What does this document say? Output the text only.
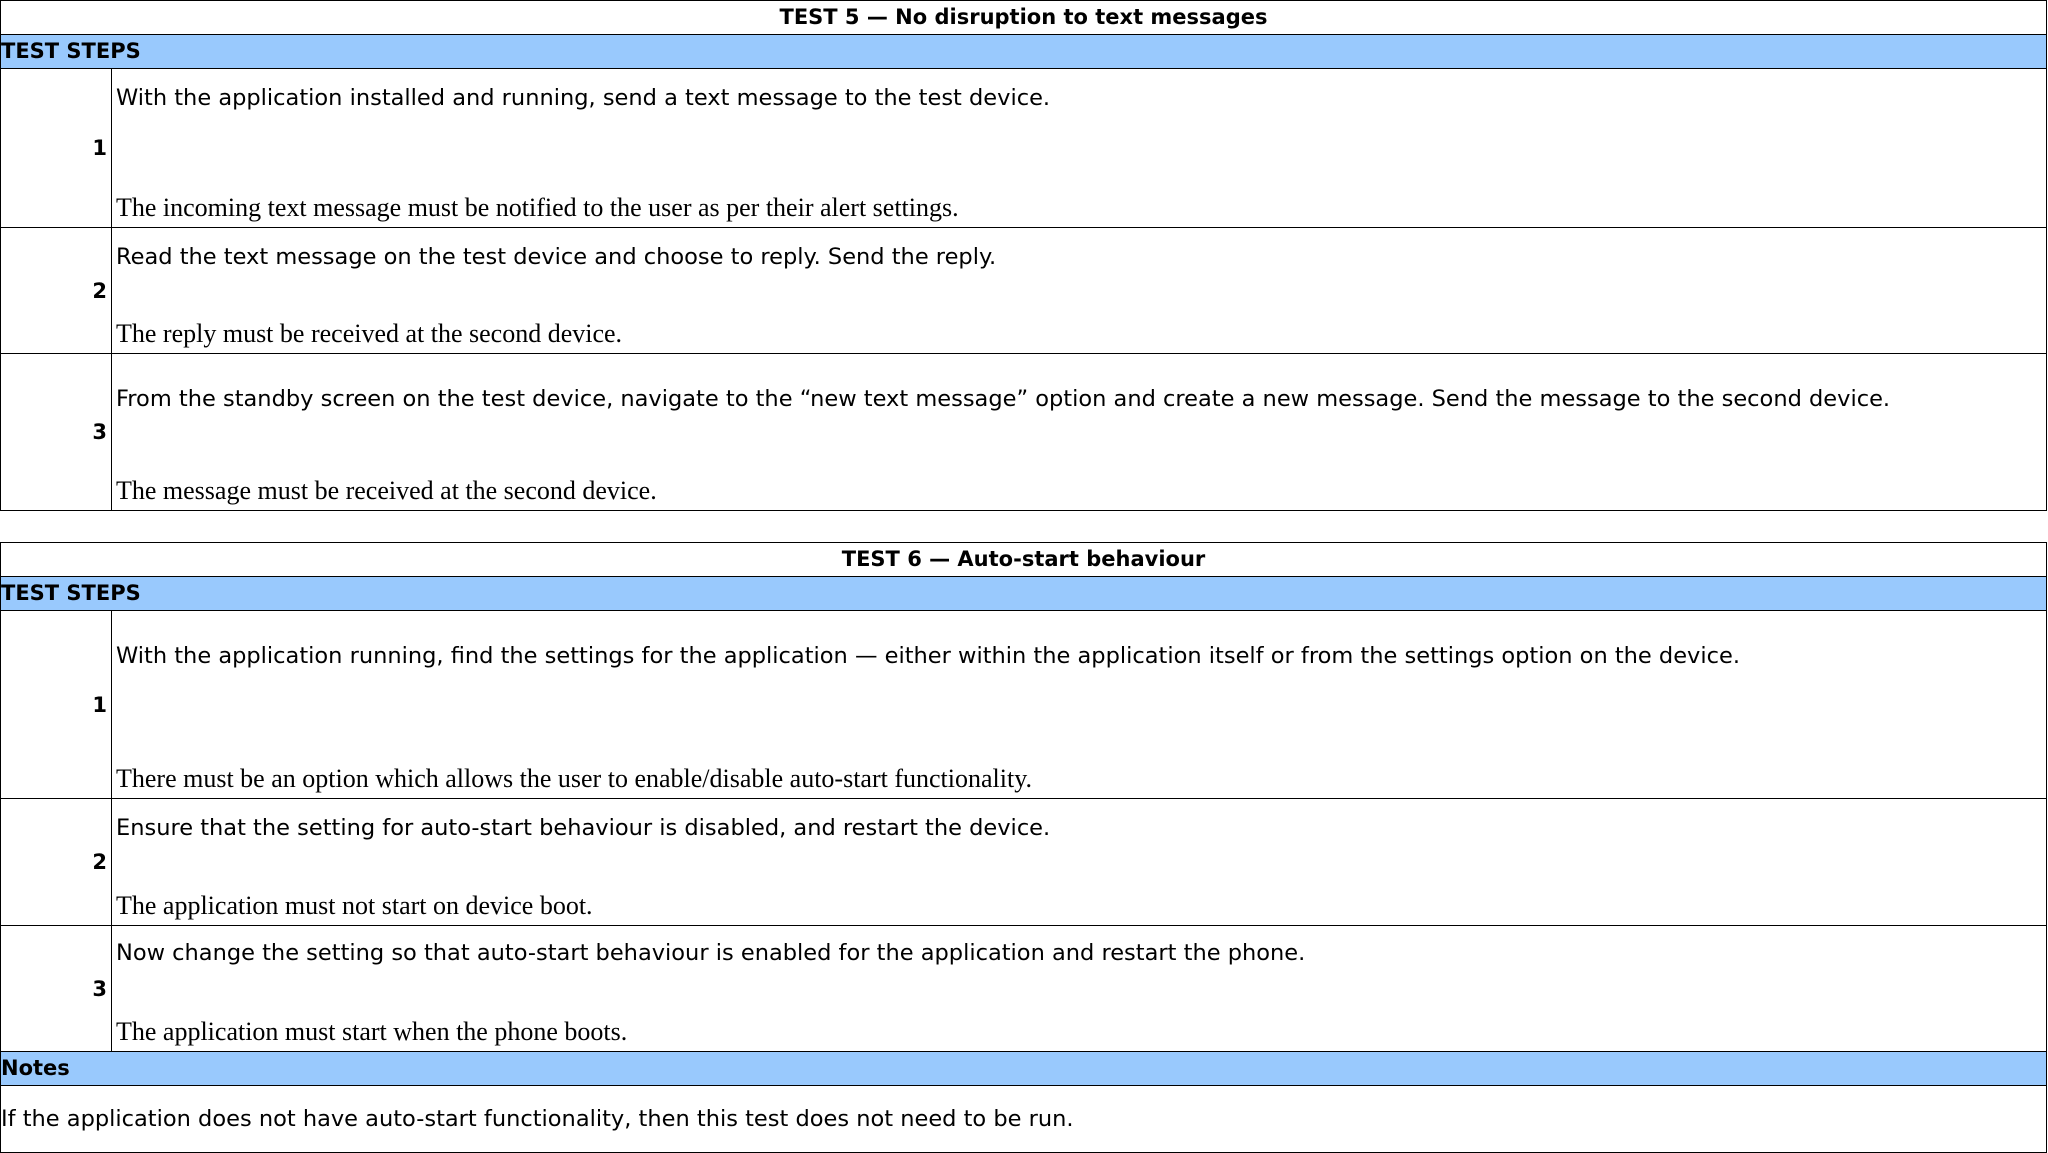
TEST 5 — No disruption to text messages	
TEST STEPS	
1	With the application installed and running, send a text message to the test device.
The incoming text message must be notified to the user as per their alert settings.

2	Read the text message on the test device and choose to reply. Send the reply.
The reply must be received at the second device.

3	From the standby screen on the test device, navigate to the “new text message” option and create a new message. Send the message to the second device.
The message must be received at the second device.
TEST 6 — Auto-start behaviour	
TEST STEPS	
1	With the application running, find the settings for the application — either within the application itself or from the settings option on the device.
There must be an option which allows the user to enable/disable auto-start functionality.

2	Ensure that the setting for auto-start behaviour is disabled, and restart the device.
The application must not start on device boot.

3	Now change the setting so that auto-start behaviour is enabled for the application and restart the phone.
The application must start when the phone boots.

Notes	
If the application does not have auto-start functionality, then this test does not need to be run.	
